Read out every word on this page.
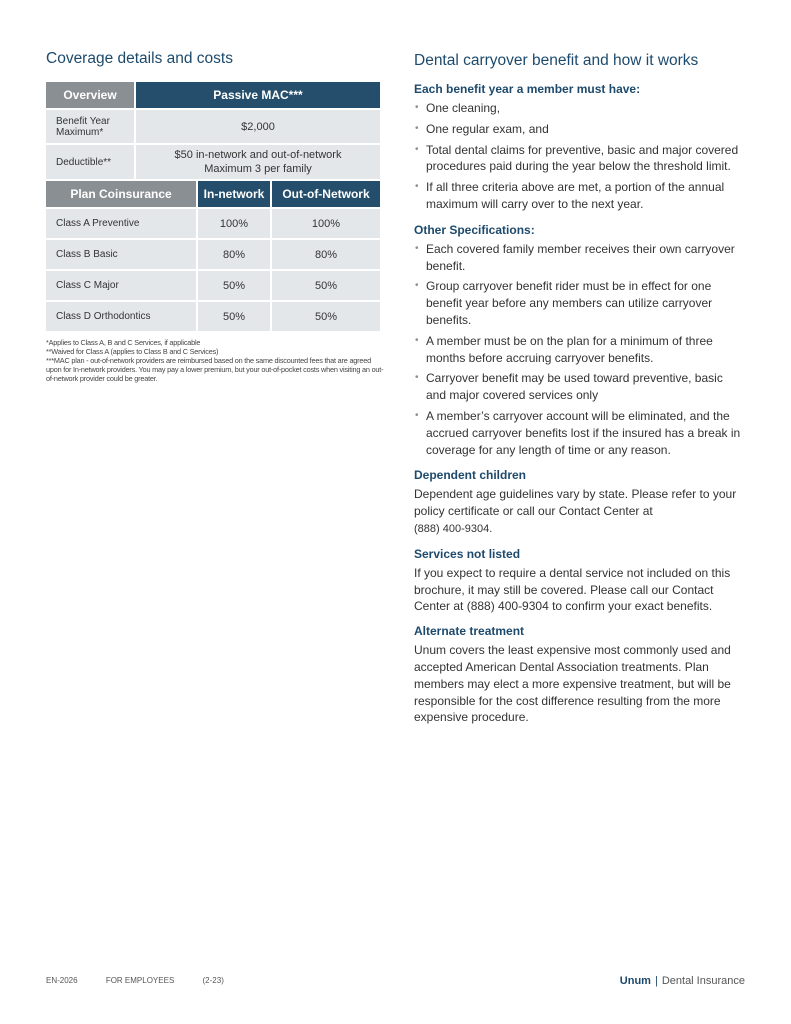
Coverage details and costs
Overview	Passive MAC***
Benefit Year Maximum*	$2,000
Deductible**	$50 in-network and out-of-network
Maximum 3 per family
Plan Coinsurance	In-network	Out-of-Network
Class A Preventive	100%	100%
Class B Basic	80%	80%
Class C Major	50%	50%
Class D Orthodontics	50%	50%
*Applies to Class A, B and C Services, if applicable
**Waived for Class A (applies to Class B and C Services)
***MAC plan - out-of-network providers are reimbursed based on the same discounted fees that are agreed upon for In-network providers. You may pay a lower premium, but your out-of-pocket costs when visiting an out-of-network provider could be greater.
Dental carryover benefit and how it works
Each benefit year a member must have:
• One cleaning,
• One regular exam, and
• Total dental claims for preventive, basic and major covered procedures paid during the year below the threshold limit.
• If all three criteria above are met, a portion of the annual maximum will carry over to the next year.
Other Specifications:
• Each covered family member receives their own carryover benefit.
• Group carryover benefit rider must be in effect for one benefit year before any members can utilize carryover benefits.
• A member must be on the plan for a minimum of three months before accruing carryover benefits.
• Carryover benefit may be used toward preventive, basic and major covered services only
• A member’s carryover account will be eliminated, and the accrued carryover benefits lost if the insured has a break in coverage for any length of time or any reason.
Dependent children

Dependent age guidelines vary by state. Please refer to your policy certificate or call our Contact Center at
(888) 400-9304.

Services not listed

If you expect to require a dental service not included on this brochure, it may still be covered. Please call our Contact Center at (888) 400-9304 to confirm your exact benefits.

Alternate treatment

Unum covers the least expensive most commonly used and accepted American Dental Association treatments. Plan members may elect a more expensive treatment, but will be responsible for the cost difference resulting from the more expensive procedure.

EN-2026	FOR EMPLOYEES	(2-23)	Unum | Dental Insurance
